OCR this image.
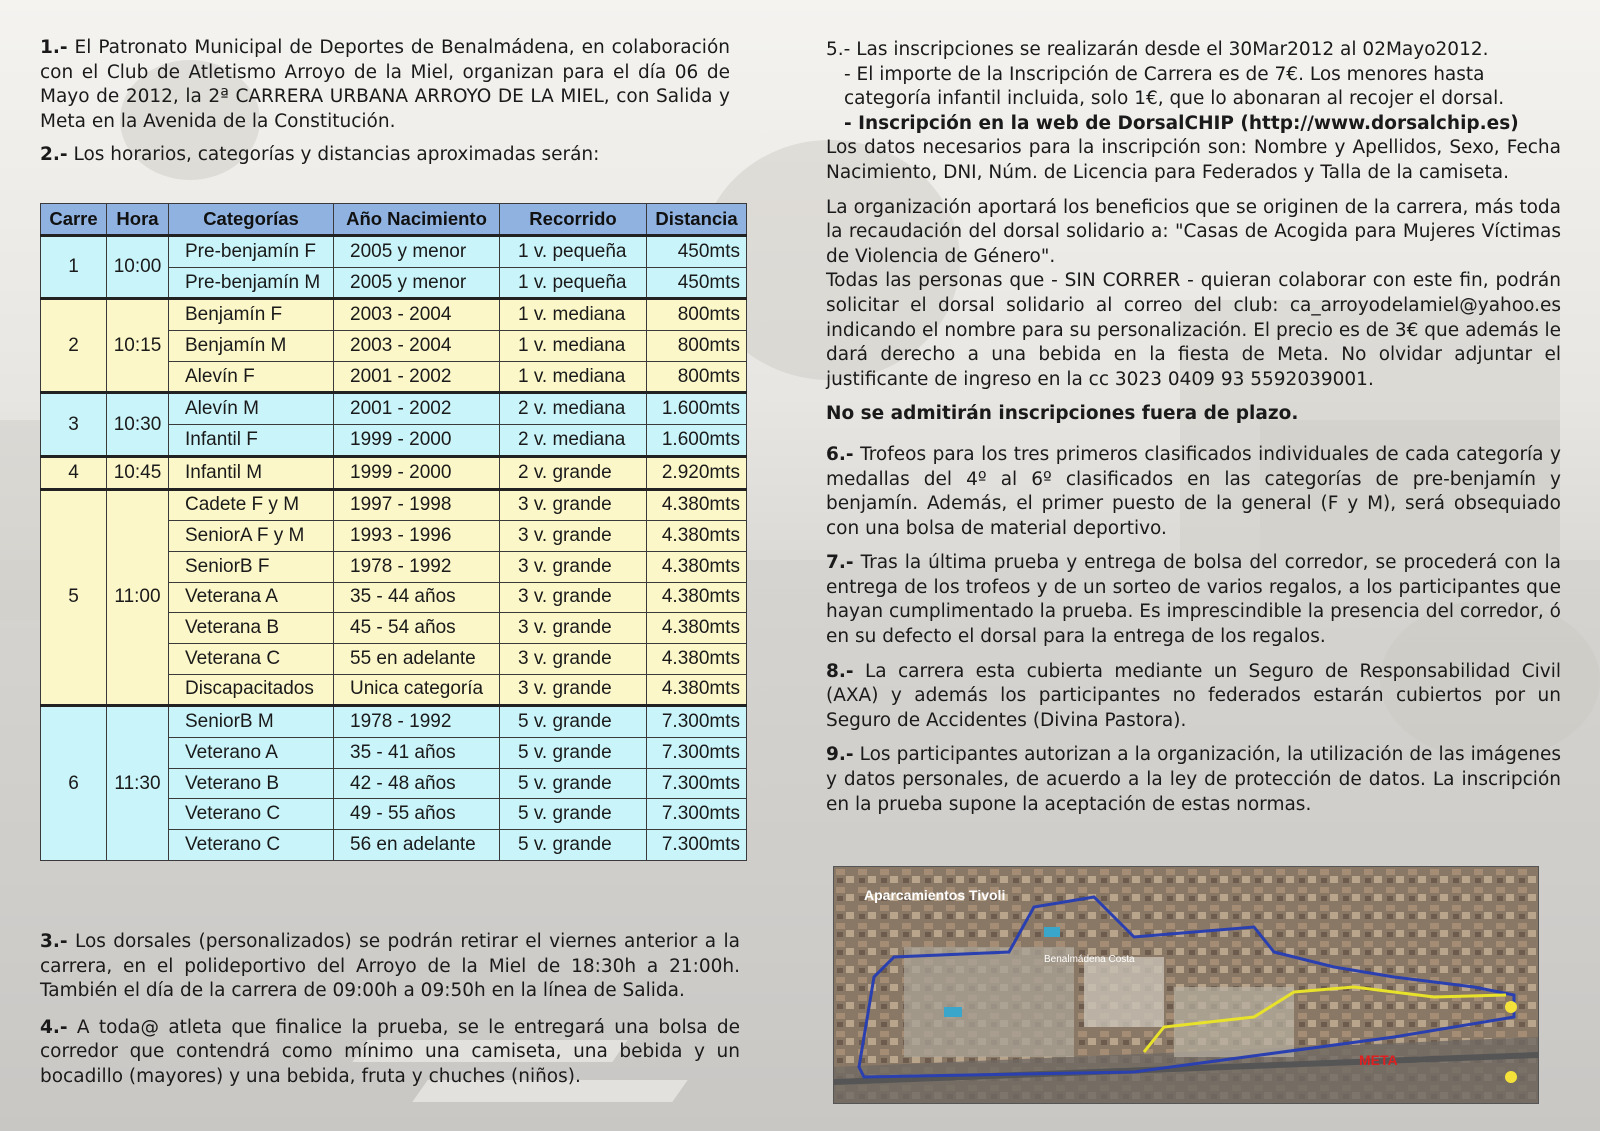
1.- El Patronato Municipal de Deportes de Benalmádena, en colaboración con el Club de Atletismo Arroyo de la Miel, organizan para el día 06 de Mayo de 2012, la 2ª CARRERA URBANA ARROYO DE LA MIEL, con Salida y Meta en la Avenida de la Constitución.

2.- Los horarios, categorías y distancias aproximadas serán:

Carre	Hora	Categorías	Año Nacimiento	Recorrido	Distancia
1	10:00	Pre-benjamín F	2005 y menor	1 v. pequeña	450mts
		Pre-benjamín M	2005 y menor	1 v. pequeña	450mts
2	10:15	Benjamín F	2003 - 2004	1 v. mediana	800mts
		Benjamín M	2003 - 2004	1 v. mediana	800mts
		Alevín F	2001 - 2002	1 v. mediana	800mts
3	10:30	Alevín M	2001 - 2002	2 v. mediana	1.600mts
		Infantil F	1999 - 2000	2 v. mediana	1.600mts
4	10:45	Infantil M	1999 - 2000	2 v. grande	2.920mts
5	11:00	Cadete F y M	1997 - 1998	3 v. grande	4.380mts
		SeniorA F y M	1993 - 1996	3 v. grande	4.380mts
		SeniorB F	1978 - 1992	3 v. grande	4.380mts
		Veterana A	35 - 44 años	3 v. grande	4.380mts
		Veterana B	45 - 54 años	3 v. grande	4.380mts
		Veterana C	55 en adelante	3 v. grande	4.380mts
		Discapacitados	Unica categoría	3 v. grande	4.380mts
6	11:30	SeniorB M	1978 - 1992	5 v. grande	7.300mts
		Veterano A	35 - 41 años	5 v. grande	7.300mts
		Veterano B	42 - 48 años	5 v. grande	7.300mts
		Veterano C	49 - 55 años	5 v. grande	7.300mts
		Veterano C	56 en adelante	5 v. grande	7.300mts

3.- Los dorsales (personalizados) se podrán retirar el viernes anterior a la carrera, en el polideportivo del Arroyo de la Miel de 18:30h a 21:00h. También el día de la carrera de 09:00h a 09:50h en la línea de Salida.

4.- A toda@ atleta que finalice la prueba, se le entregará una bolsa de corredor que contendrá como mínimo una camiseta, una bebida y un bocadillo (mayores) y una bebida, fruta y chuches (niños).

5.- Las inscripciones se realizarán desde el 30Mar2012 al 02Mayo2012.

- El importe de la Inscripción de Carrera es de 7€. Los menores hasta categoría infantil incluida, solo 1€, que lo abonaran al recojer el dorsal.

- Inscripción en la web de DorsalCHIP (http://www.dorsalchip.es)

Los datos necesarios para la inscripción son: Nombre y Apellidos, Sexo, Fecha Nacimiento, DNI, Núm. de Licencia para Federados y Talla de la camiseta.

La organización aportará los beneficios que se originen de la carrera, más toda la recaudación del dorsal solidario a: "Casas de Acogida para Mujeres Víctimas de Violencia de Género".

Todas las personas que - SIN CORRER - quieran colaborar con este fin, podrán solicitar el dorsal solidario al correo del club: ca_arroyodelamiel@yahoo.es indicando el nombre para su personalización. El precio es de 3€ que además le dará derecho a una bebida en la fiesta de Meta. No olvidar adjuntar el justificante de ingreso en la cc 3023 0409 93 5592039001.

No se admitirán inscripciones fuera de plazo.

6.- Trofeos para los tres primeros clasificados individuales de cada categoría y medallas del 4º al 6º clasificados en las categorías de pre-benjamín y benjamín. Además, el primer puesto de la general (F y M), será obsequiado con una bolsa de material deportivo.

7.- Tras la última prueba y entrega de bolsa del corredor, se procederá con la entrega de los trofeos y de un sorteo de varios regalos, a los participantes que hayan cumplimentado la prueba. Es imprescindible la presencia del corredor, ó en su defecto el dorsal para la entrega de los regalos.

8.- La carrera esta cubierta mediante un Seguro de Responsabilidad Civil (AXA) y además los participantes no federados estarán cubiertos por un Seguro de Accidentes (Divina Pastora).

9.- Los participantes autorizan a la organización, la utilización de las imágenes y datos personales, de acuerdo a la ley de protección de datos. La inscripción en la prueba supone la aceptación de estas normas.

Aparcamientos Tivoli
Benalmádena Costa
META
